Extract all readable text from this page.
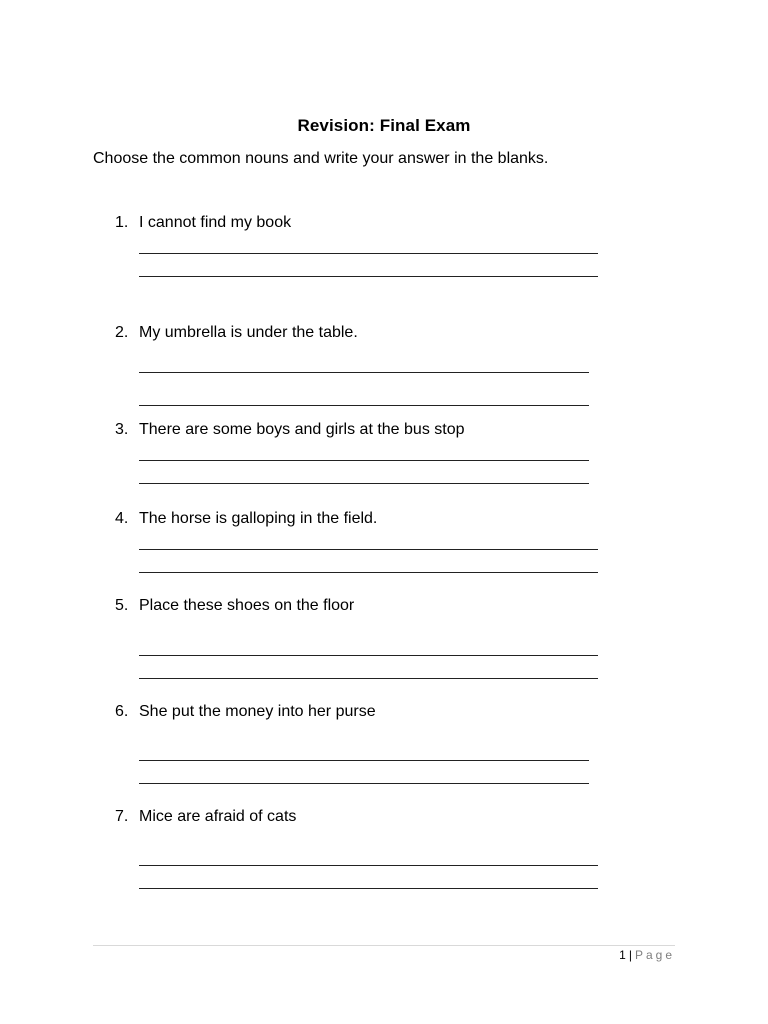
Revision: Final Exam
Choose the common nouns and write your answer in the blanks.
1. I cannot find my book
2. My umbrella is under the table.
3. There are some boys and girls at the bus stop
4. The horse is galloping in the field.
5. Place these shoes on the floor
6. She put the money into her purse
7. Mice are afraid of cats
1 | Page
